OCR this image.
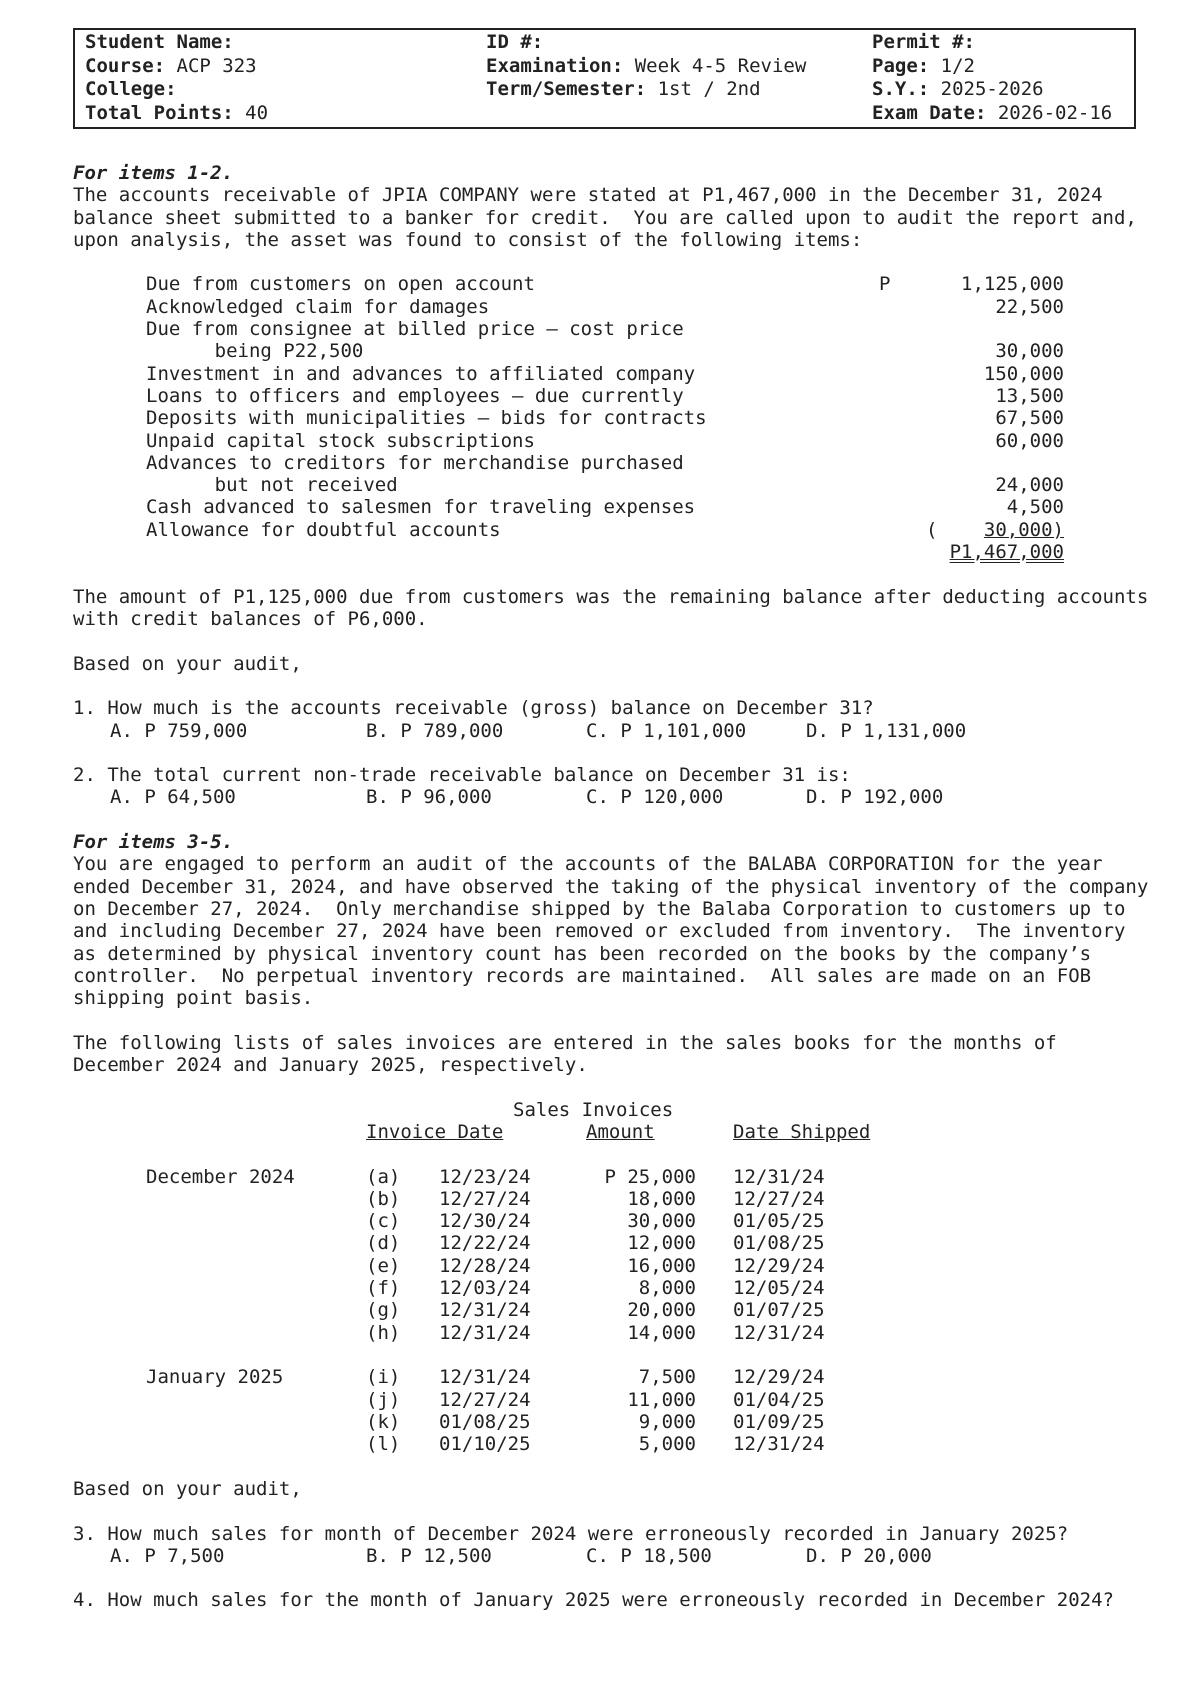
Student Name:	ID #:	Permit #:
Course: ACP 323	Examination: Week 4-5 Review	Page: 1/2
College:	Term/Semester: 1st / 2nd	S.Y.: 2025-2026
Total Points: 40	Exam Date: 2026-02-16
For items 1-2.
The accounts receivable of JPIA COMPANY were stated at P1,467,000 in the December 31, 2024
balance sheet submitted to a banker for credit.  You are called upon to audit the report and,
upon analysis, the asset was found to consist of the following items:
Due from customers on open account	P	1,125,000
Acknowledged claim for damages	22,500
Due from consignee at billed price – cost price
being P22,500	30,000
Investment in and advances to affiliated company	150,000
Loans to officers and employees – due currently	13,500
Deposits with municipalities – bids for contracts	67,500
Unpaid capital stock subscriptions	60,000
Advances to creditors for merchandise purchased
but not received	24,000
Cash advanced to salesmen for traveling expenses	4,500
Allowance for doubtful accounts	(	30,000)
P1,467,000
The amount of P1,125,000 due from customers was the remaining balance after deducting accounts
with credit balances of P6,000.
Based on your audit,
1. How much is the accounts receivable (gross) balance on December 31?
A. P 759,000	B. P 789,000	C. P 1,101,000	D. P 1,131,000
2. The total current non-trade receivable balance on December 31 is:
A. P 64,500	B. P 96,000	C. P 120,000	D. P 192,000
For items 3-5.
You are engaged to perform an audit of the accounts of the BALABA CORPORATION for the year
ended December 31, 2024, and have observed the taking of the physical inventory of the company
on December 27, 2024.  Only merchandise shipped by the Balaba Corporation to customers up to
and including December 27, 2024 have been removed or excluded from inventory.  The inventory
as determined by physical inventory count has been recorded on the books by the company’s
controller.  No perpetual inventory records are maintained.  All sales are made on an FOB
shipping point basis.
The following lists of sales invoices are entered in the sales books for the months of
December 2024 and January 2025, respectively.
Sales Invoices
Invoice Date	Amount	Date Shipped
December 2024	(a) 12/23/24	P 25,000 12/31/24
(b) 12/27/24	18,000 12/27/24
(c) 12/30/24	30,000 01/05/25
(d) 12/22/24	12,000 01/08/25
(e) 12/28/24	16,000 12/29/24
(f) 12/03/24	8,000 12/05/24
(g) 12/31/24	20,000 01/07/25
(h) 12/31/24	14,000 12/31/24
January 2025	(i) 12/31/24	7,500 12/29/24
(j) 12/27/24	11,000 01/04/25
(k) 01/08/25	9,000 01/09/25
(l) 01/10/25	5,000 12/31/24
Based on your audit,
3. How much sales for month of December 2024 were erroneously recorded in January 2025?
A. P 7,500	B. P 12,500	C. P 18,500	D. P 20,000
4. How much sales for the month of January 2025 were erroneously recorded in December 2024?
